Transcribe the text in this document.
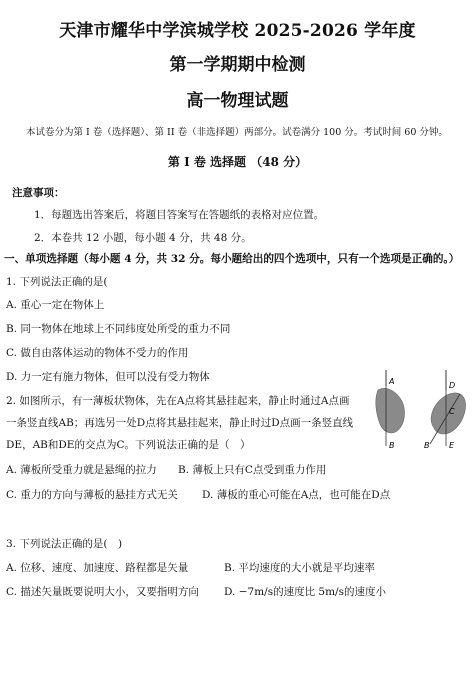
天津市耀华中学滨城学校 2025-2026 学年度
第一学期期中检测
高一物理试题
本试卷分为第 I 卷（选择题）、第 II 卷（非选择题）两部分。试卷满分 100 分。考试时间 60 分钟。
第 I 卷 选择题 （48 分）
注意事项：
1．每题选出答案后，将题目答案写在答题纸的表格对应位置。
2．本卷共 12 小题，每小题 4 分，共 48 分。
一、单项选择题（每小题 4 分，共 32 分。每小题给出的四个选项中，只有一个选项是正确的。）
1. 下列说法正确的是(
A. 重心一定在物体上
B. 同一物体在地球上不同纬度处所受的重力不同
C. 做自由落体运动的物体不受力的作用
D. 力一定有施力物体，但可以没有受力物体
2. 如图所示，有一薄板状物体，先在A点将其悬挂起来，静止时通过A点画
一条竖直线AB；再选另一处D点将其悬挂起来，静止时过D点画一条竖直线
DE，AB和DE的交点为C。下列说法正确的是（　）
A. 薄板所受重力就是悬绳的拉力 B. 薄板上只有C点受到重力作用
C. 重力的方向与薄板的悬挂方式无关 D. 薄板的重心可能在A点，也可能在D点
A
B
D
C
E
B
3. 下列说法正确的是(　)
A. 位移、速度、加速度、路程都是矢量	B. 平均速度的大小就是平均速率
C. 描述矢量既要说明大小，又要指明方向 D. −7m/s的速度比 5m/s的速度小
